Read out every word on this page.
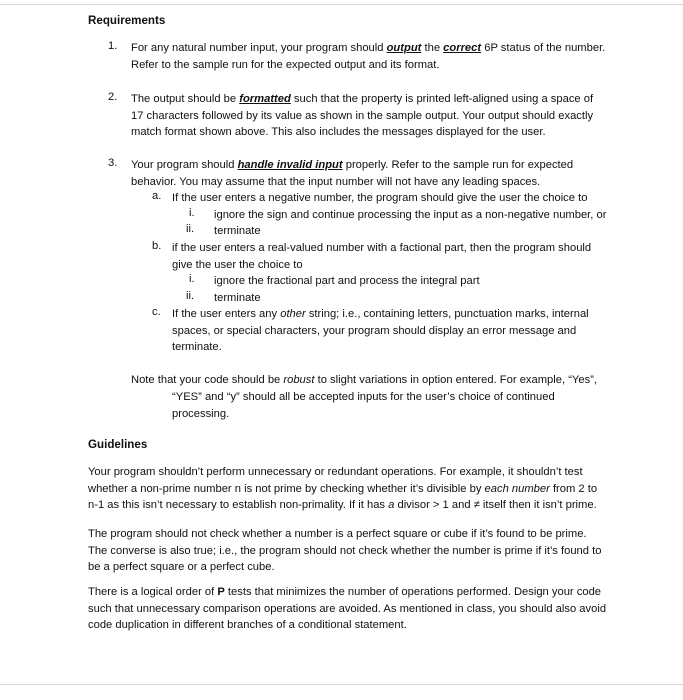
Requirements
1. For any natural number input, your program should output the correct 6P status of the number.
Refer to the sample run for the expected output and its format.
2. The output should be formatted such that the property is printed left-aligned using a space of
17 characters followed by its value as shown in the sample output. Your output should exactly
match format shown above. This also includes the messages displayed for the user.
3. Your program should handle invalid input properly. Refer to the sample run for expected
behavior. You may assume that the input number will not have any leading spaces.
a. If the user enters a negative number, the program should give the user the choice to
i. ignore the sign and continue processing the input as a non-negative number, or
ii. terminate
b. if the user enters a real-valued number with a factional part, then the program should
give the user the choice to
i. ignore the fractional part and process the integral part
ii. terminate
c. If the user enters any other string; i.e., containing letters, punctuation marks, internal
spaces, or special characters, your program should display an error message and
terminate.
Note that your code should be robust to slight variations in option entered. For example, “Yes”,
“YES” and “y” should all be accepted inputs for the user’s choice of continued
processing.
Guidelines
Your program shouldn’t perform unnecessary or redundant operations. For example, it shouldn’t test
whether a non-prime number n is not prime by checking whether it’s divisible by each number from 2 to
n-1 as this isn’t necessary to establish non-primality. If it has a divisor > 1 and ≠ itself then it isn’t prime.
The program should not check whether a number is a perfect square or cube if it’s found to be prime.
The converse is also true; i.e., the program should not check whether the number is prime if it’s found to
be a perfect square or a perfect cube.
There is a logical order of P tests that minimizes the number of operations performed. Design your code
such that unnecessary comparison operations are avoided. As mentioned in class, you should also avoid
code duplication in different branches of a conditional statement.
